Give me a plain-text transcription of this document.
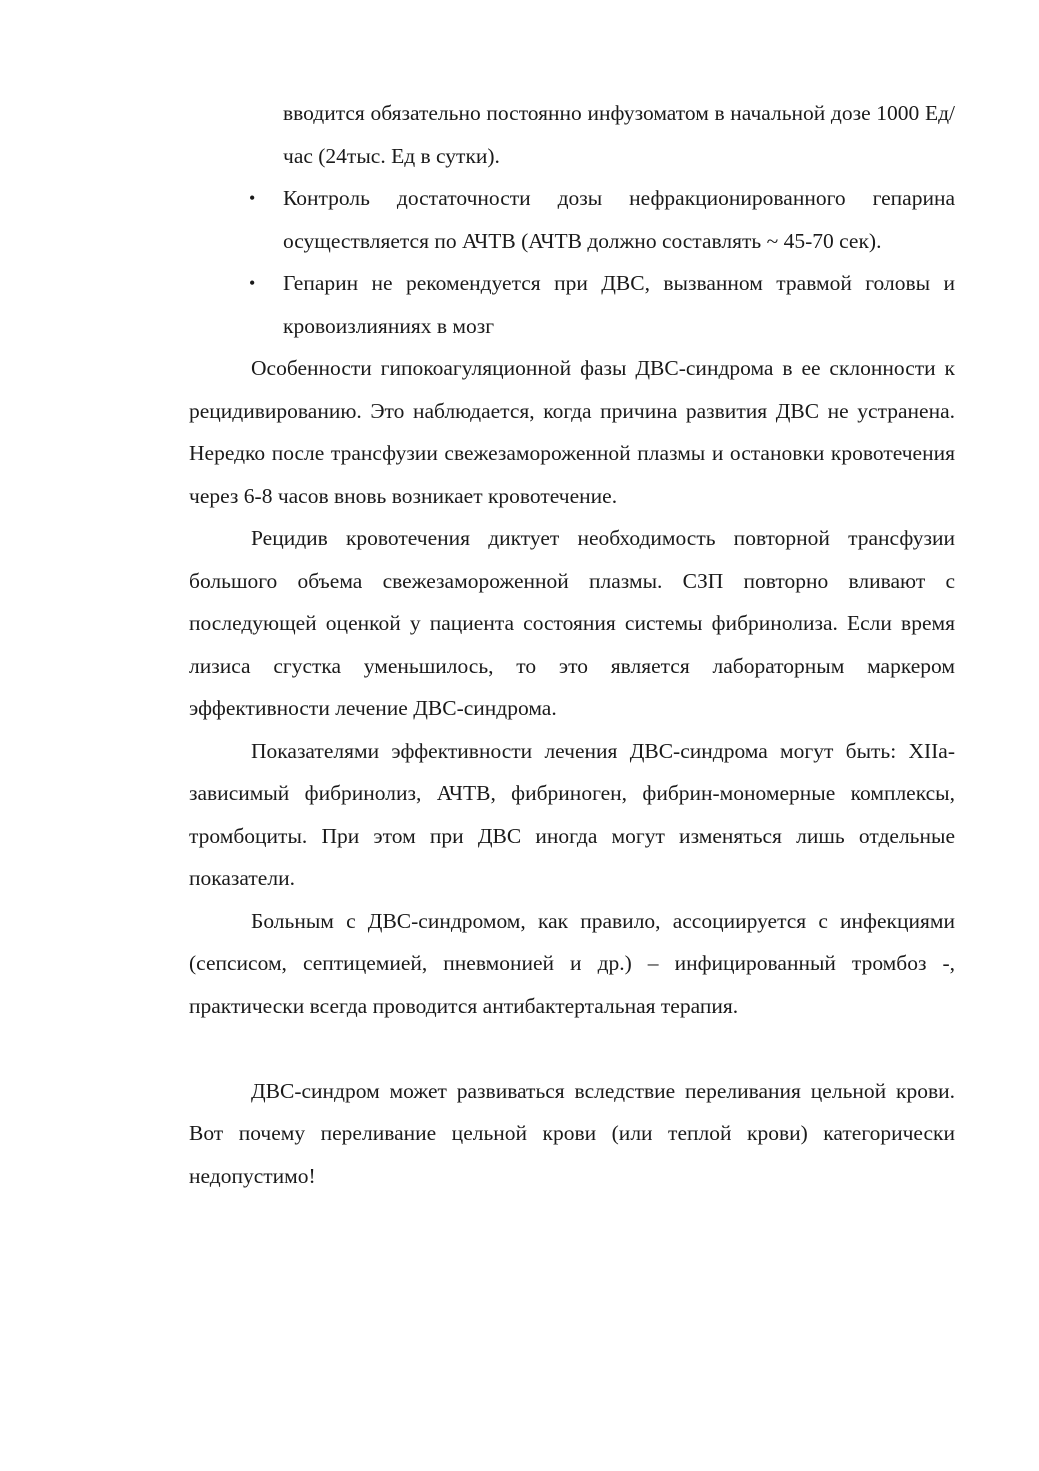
вводится обязательно постоянно инфузоматом в начальной дозе 1000 Ед/час (24тыс. Ед в сутки).

• Контроль достаточности дозы нефракционированного гепарина осуществляется по АЧТВ (АЧТВ должно составлять ~ 45-70 сек).
• Гепарин не рекомендуется при ДВС, вызванном травмой головы и кровоизлияниях в мозг

Особенности гипокоагуляционной фазы ДВС-синдрома в ее склонности к рецидивированию. Это наблюдается, когда причина развития ДВС не устранена. Нередко после трансфузии свежезамороженной плазмы и остановки кровотечения через 6-8 часов вновь возникает кровотечение.

Рецидив кровотечения диктует необходимость повторной трансфузии большого объема свежезамороженной плазмы. СЗП повторно вливают с последующей оценкой у пациента состояния системы фибринолиза. Если время лизиса сгустка уменьшилось, то это является лабораторным маркером эффективности лечение ДВС-синдрома.

Показателями эффективности лечения ДВС-синдрома могут быть: ХIIа-зависимый фибринолиз, АЧТВ, фибриноген, фибрин-мономерные комплексы, тромбоциты. При этом при ДВС иногда могут изменяться лишь отдельные показатели.

Больным с ДВС-синдромом, как правило, ассоциируется с инфекциями (сепсисом, септицемией, пневмонией и др.) – инфицированный тромбоз -, практически всегда проводится антибактертальная терапия.

ДВС-синдром может развиваться вследствие переливания цельной крови. Вот почему переливание цельной крови (или теплой крови) категорически недопустимо!
